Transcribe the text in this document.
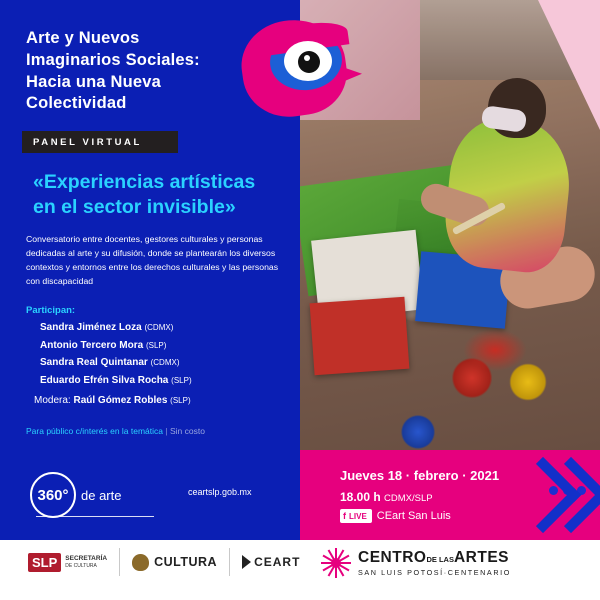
Arte y Nuevos
Imaginarios Sociales:
Hacia una Nueva
Colectividad
PANEL VIRTUAL
«Experiencias artísticas
en el sector invisible»
Conversatorio entre docentes, gestores culturales y personas dedicadas al arte y su difusión, donde se plantearán los diversos contextos y entornos entre los derechos culturales y las personas con discapacidad
Participan:
Sandra Jiménez Loza (CDMX)
Antonio Tercero Mora (SLP)
Sandra Real Quintanar (CDMX)
Eduardo Efrén Silva Rocha (SLP)
Modera: Raúl Gómez Robles (SLP)
Para público c/interés en la temática | Sin costo
360° de arte	ceartslp.gob.mx
Jueves 18 · febrero · 2021
18.00 h CDMX/SLP
f LIVE CEart San Luis
SLP	SECRETARÍA
DE CULTURA	CULTURA	CEART	CENTRODE LASARTES
SAN LUIS POTOSÍ·CENTENARIO
